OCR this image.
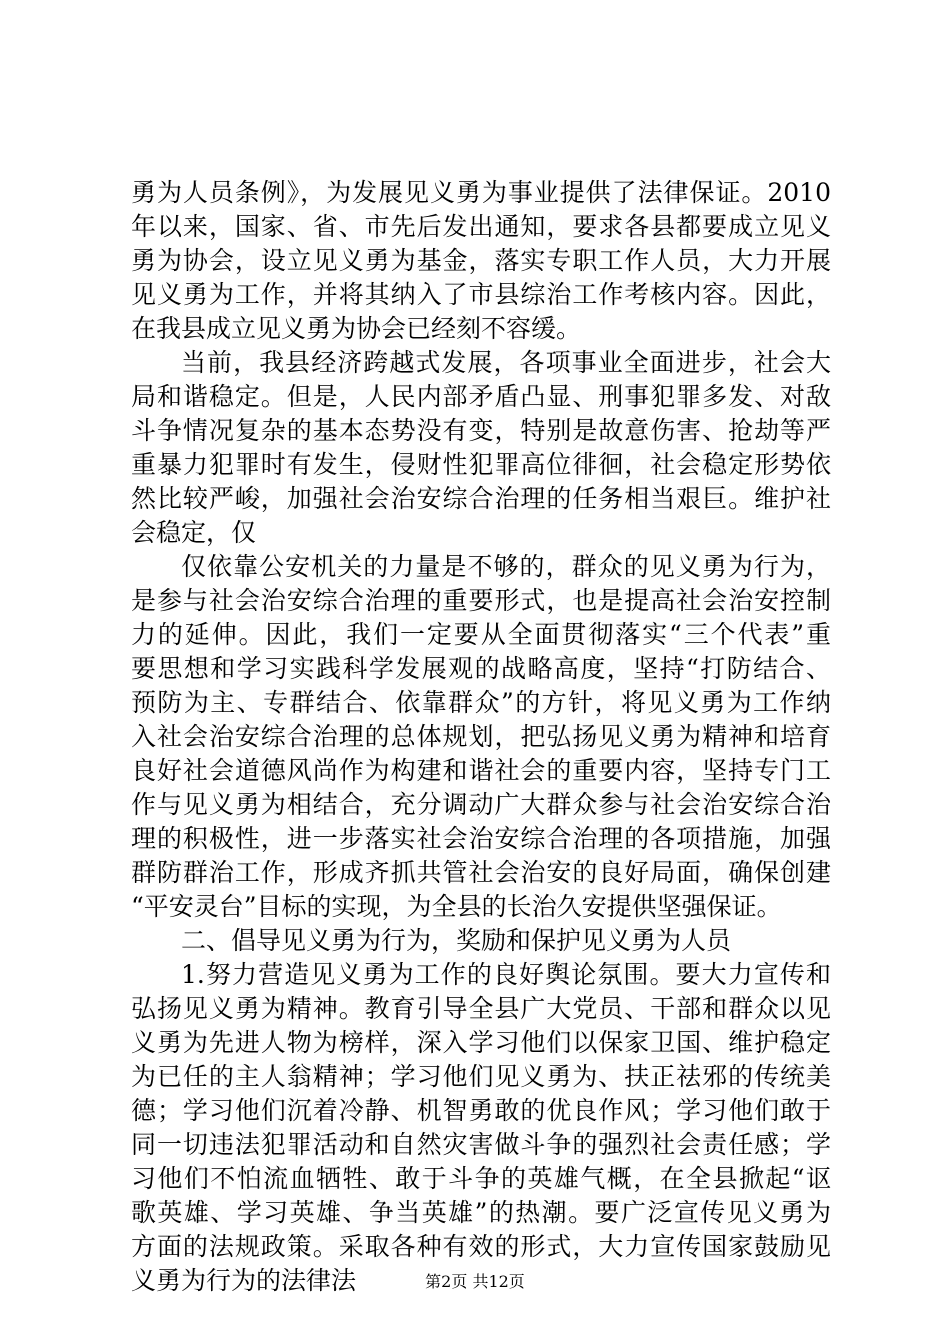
勇为人员条例》，为发展见义勇为事业提供了法律保证。2010
年以来，国家、省、市先后发出通知，要求各县都要成立见义
勇为协会，设立见义勇为基金，落实专职工作人员，大力开展
见义勇为工作，并将其纳入了市县综治工作考核内容。因此，
在我县成立见义勇为协会已经刻不容缓。
当前，我县经济跨越式发展，各项事业全面进步，社会大
局和谐稳定。但是，人民内部矛盾凸显、刑事犯罪多发、对敌
斗争情况复杂的基本态势没有变，特别是故意伤害、抢劫等严
重暴力犯罪时有发生，侵财性犯罪高位徘徊，社会稳定形势依
然比较严峻，加强社会治安综合治理的任务相当艰巨。维护社
会稳定，仅
仅依靠公安机关的力量是不够的，群众的见义勇为行为，
是参与社会治安综合治理的重要形式，也是提高社会治安控制
力的延伸。因此，我们一定要从全面贯彻落实“三个代表”重
要思想和学习实践科学发展观的战略高度，坚持“打防结合、
预防为主、专群结合、依靠群众”的方针，将见义勇为工作纳
入社会治安综合治理的总体规划，把弘扬见义勇为精神和培育
良好社会道德风尚作为构建和谐社会的重要内容，坚持专门工
作与见义勇为相结合，充分调动广大群众参与社会治安综合治
理的积极性，进一步落实社会治安综合治理的各项措施，加强
群防群治工作，形成齐抓共管社会治安的良好局面，确保创建
“平安灵台”目标的实现，为全县的长治久安提供坚强保证。
二、倡导见义勇为行为，奖励和保护见义勇为人员
1.努力营造见义勇为工作的良好舆论氛围。要大力宣传和
弘扬见义勇为精神。教育引导全县广大党员、干部和群众以见
义勇为先进人物为榜样，深入学习他们以保家卫国、维护稳定
为已任的主人翁精神；学习他们见义勇为、扶正祛邪的传统美
德；学习他们沉着冷静、机智勇敢的优良作风；学习他们敢于
同一切违法犯罪活动和自然灾害做斗争的强烈社会责任感；学
习他们不怕流血牺牲、敢于斗争的英雄气概，在全县掀起“讴
歌英雄、学习英雄、争当英雄”的热潮。要广泛宣传见义勇为
方面的法规政策。采取各种有效的形式，大力宣传国家鼓励见
义勇为行为的法律法	第2页 共12页
